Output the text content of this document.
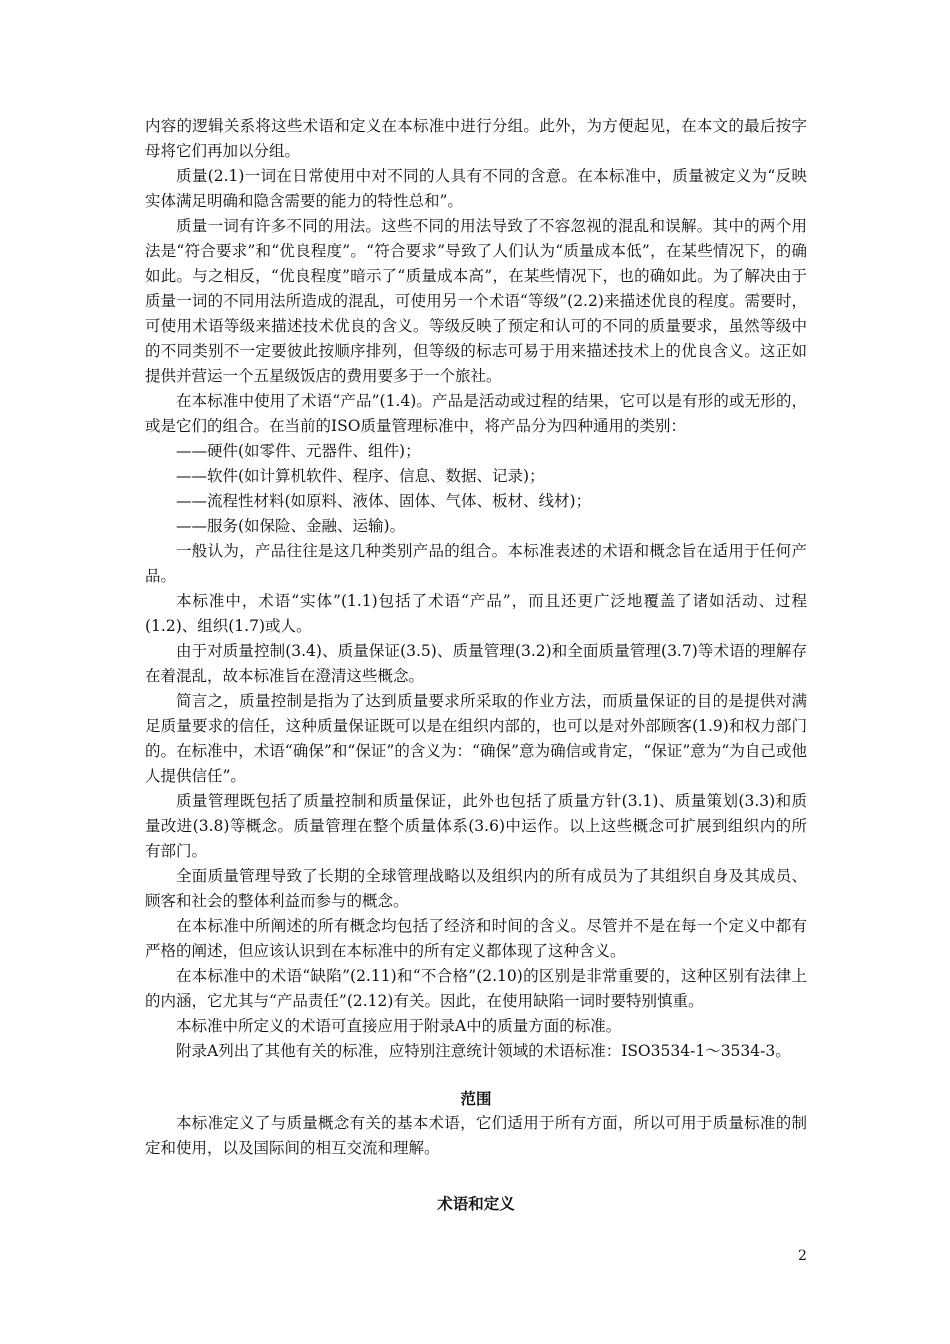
内容的逻辑关系将这些术语和定义在本标准中进行分组。此外，为方便起见，在本文的最后按字母将它们再加以分组。

质量(2.1)一词在日常使用中对不同的人具有不同的含意。在本标准中，质量被定义为“反映实体满足明确和隐含需要的能力的特性总和”。

质量一词有许多不同的用法。这些不同的用法导致了不容忽视的混乱和误解。其中的两个用法是“符合要求”和“优良程度”。“符合要求”导致了人们认为“质量成本低”，在某些情况下，的确如此。与之相反，“优良程度”暗示了“质量成本高”，在某些情况下，也的确如此。为了解决由于质量一词的不同用法所造成的混乱，可使用另一个术语“等级”(2.2)来描述优良的程度。需要时，可使用术语等级来描述技术优良的含义。等级反映了预定和认可的不同的质量要求，虽然等级中的不同类别不一定要彼此按顺序排列，但等级的标志可易于用来描述技术上的优良含义。这正如提供并营运一个五星级饭店的费用要多于一个旅社。

在本标准中使用了术语“产品”(1.4)。产品是活动或过程的结果，它可以是有形的或无形的，或是它们的组合。在当前的ISO质量管理标准中，将产品分为四种通用的类别：

——硬件(如零件、元器件、组件)；

——软件(如计算机软件、程序、信息、数据、记录)；

——流程性材料(如原料、液体、固体、气体、板材、线材)；

——服务(如保险、金融、运输)。

一般认为，产品往往是这几种类别产品的组合。本标准表述的术语和概念旨在适用于任何产品。

本标准中，术语“实体”(1.1)包括了术语“产品”，而且还更广泛地覆盖了诸如活动、过程(1.2)、组织(1.7)或人。

由于对质量控制(3.4)、质量保证(3.5)、质量管理(3.2)和全面质量管理(3.7)等术语的理解存在着混乱，故本标准旨在澄清这些概念。

简言之，质量控制是指为了达到质量要求所采取的作业方法，而质量保证的目的是提供对满足质量要求的信任，这种质量保证既可以是在组织内部的，也可以是对外部顾客(1.9)和权力部门的。在标准中，术语“确保”和“保证”的含义为：“确保”意为确信或肯定，“保证”意为“为自己或他人提供信任”。

质量管理既包括了质量控制和质量保证，此外也包括了质量方针(3.1)、质量策划(3.3)和质量改进(3.8)等概念。质量管理在整个质量体系(3.6)中运作。以上这些概念可扩展到组织内的所有部门。

全面质量管理导致了长期的全球管理战略以及组织内的所有成员为了其组织自身及其成员、顾客和社会的整体利益而参与的概念。

在本标准中所阐述的所有概念均包括了经济和时间的含义。尽管并不是在每一个定义中都有严格的阐述，但应该认识到在本标准中的所有定义都体现了这种含义。

在本标准中的术语“缺陷”(2.11)和“不合格”(2.10)的区别是非常重要的，这种区别有法律上的内涵，它尤其与“产品责任”(2.12)有关。因此，在使用缺陷一词时要特别慎重。

本标准中所定义的术语可直接应用于附录A中的质量方面的标准。

附录A列出了其他有关的标准，应特别注意统计领域的术语标准：ISO3534-1～3534-3。

范围

本标准定义了与质量概念有关的基本术语，它们适用于所有方面，所以可用于质量标准的制定和使用，以及国际间的相互交流和理解。

术语和定义

2
